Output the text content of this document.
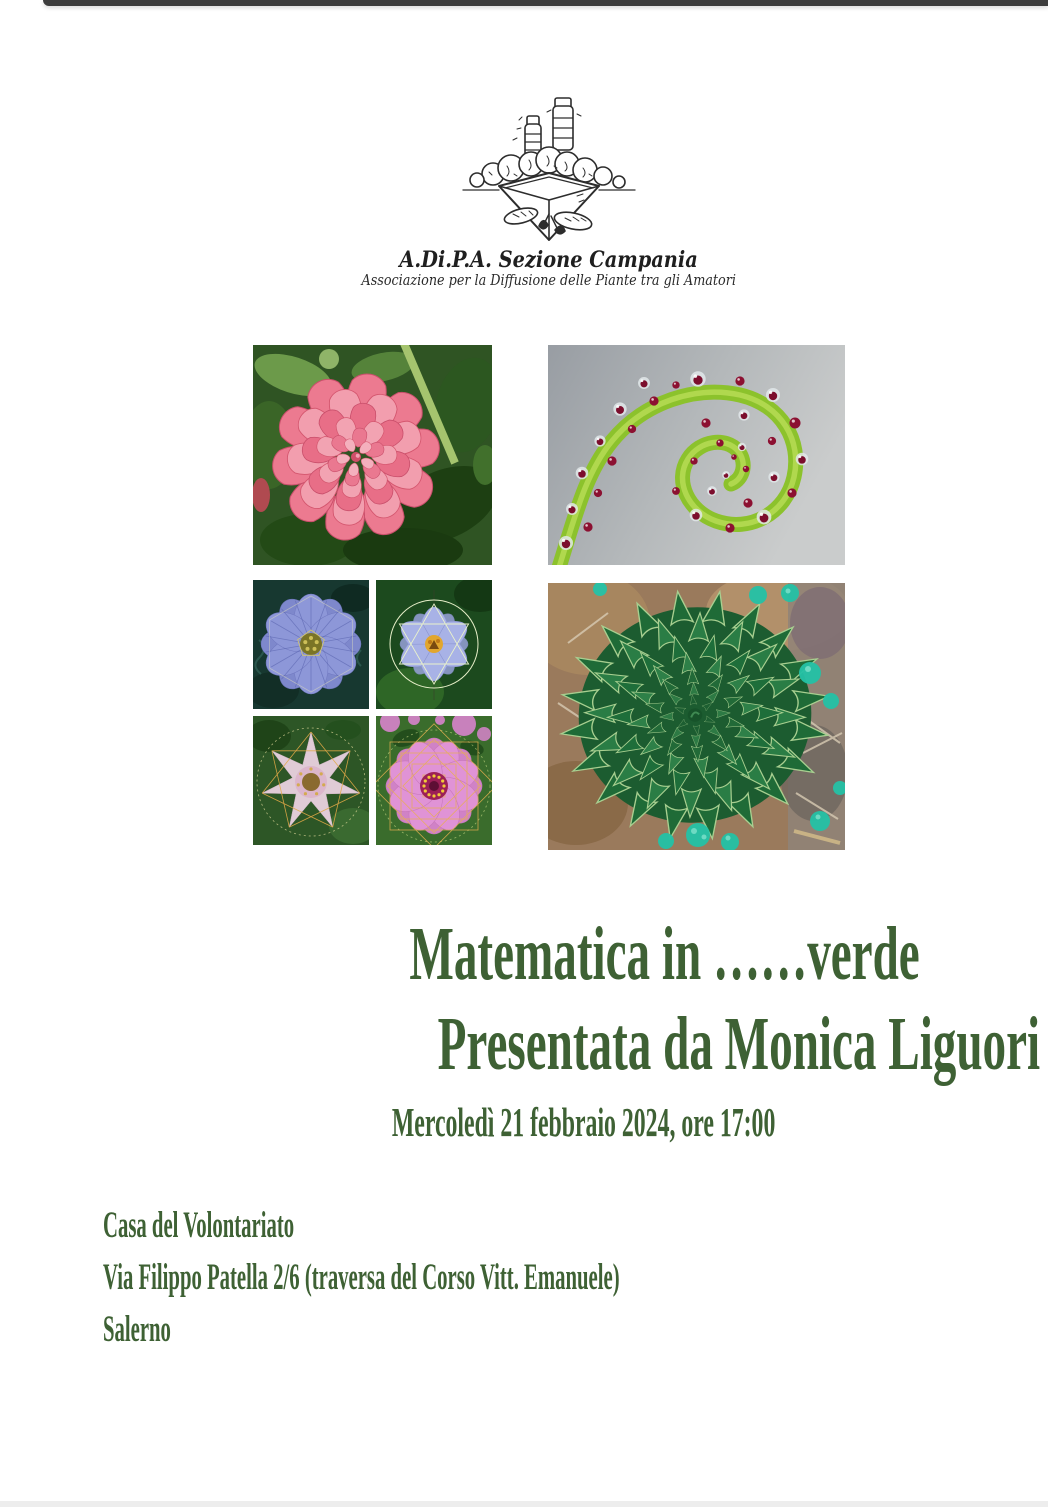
A.Di.P.A. Sezione Campania
Associazione per la Diffusione delle Piante tra gli Amatori
Matematica in ……verde
Presentata da Monica Liguori
Mercoledì 21 febbraio 2024, ore 17:00

Casa del Volontariato

Via Filippo Patella 2/6 (traversa del Corso Vitt. Emanuele)

Salerno
